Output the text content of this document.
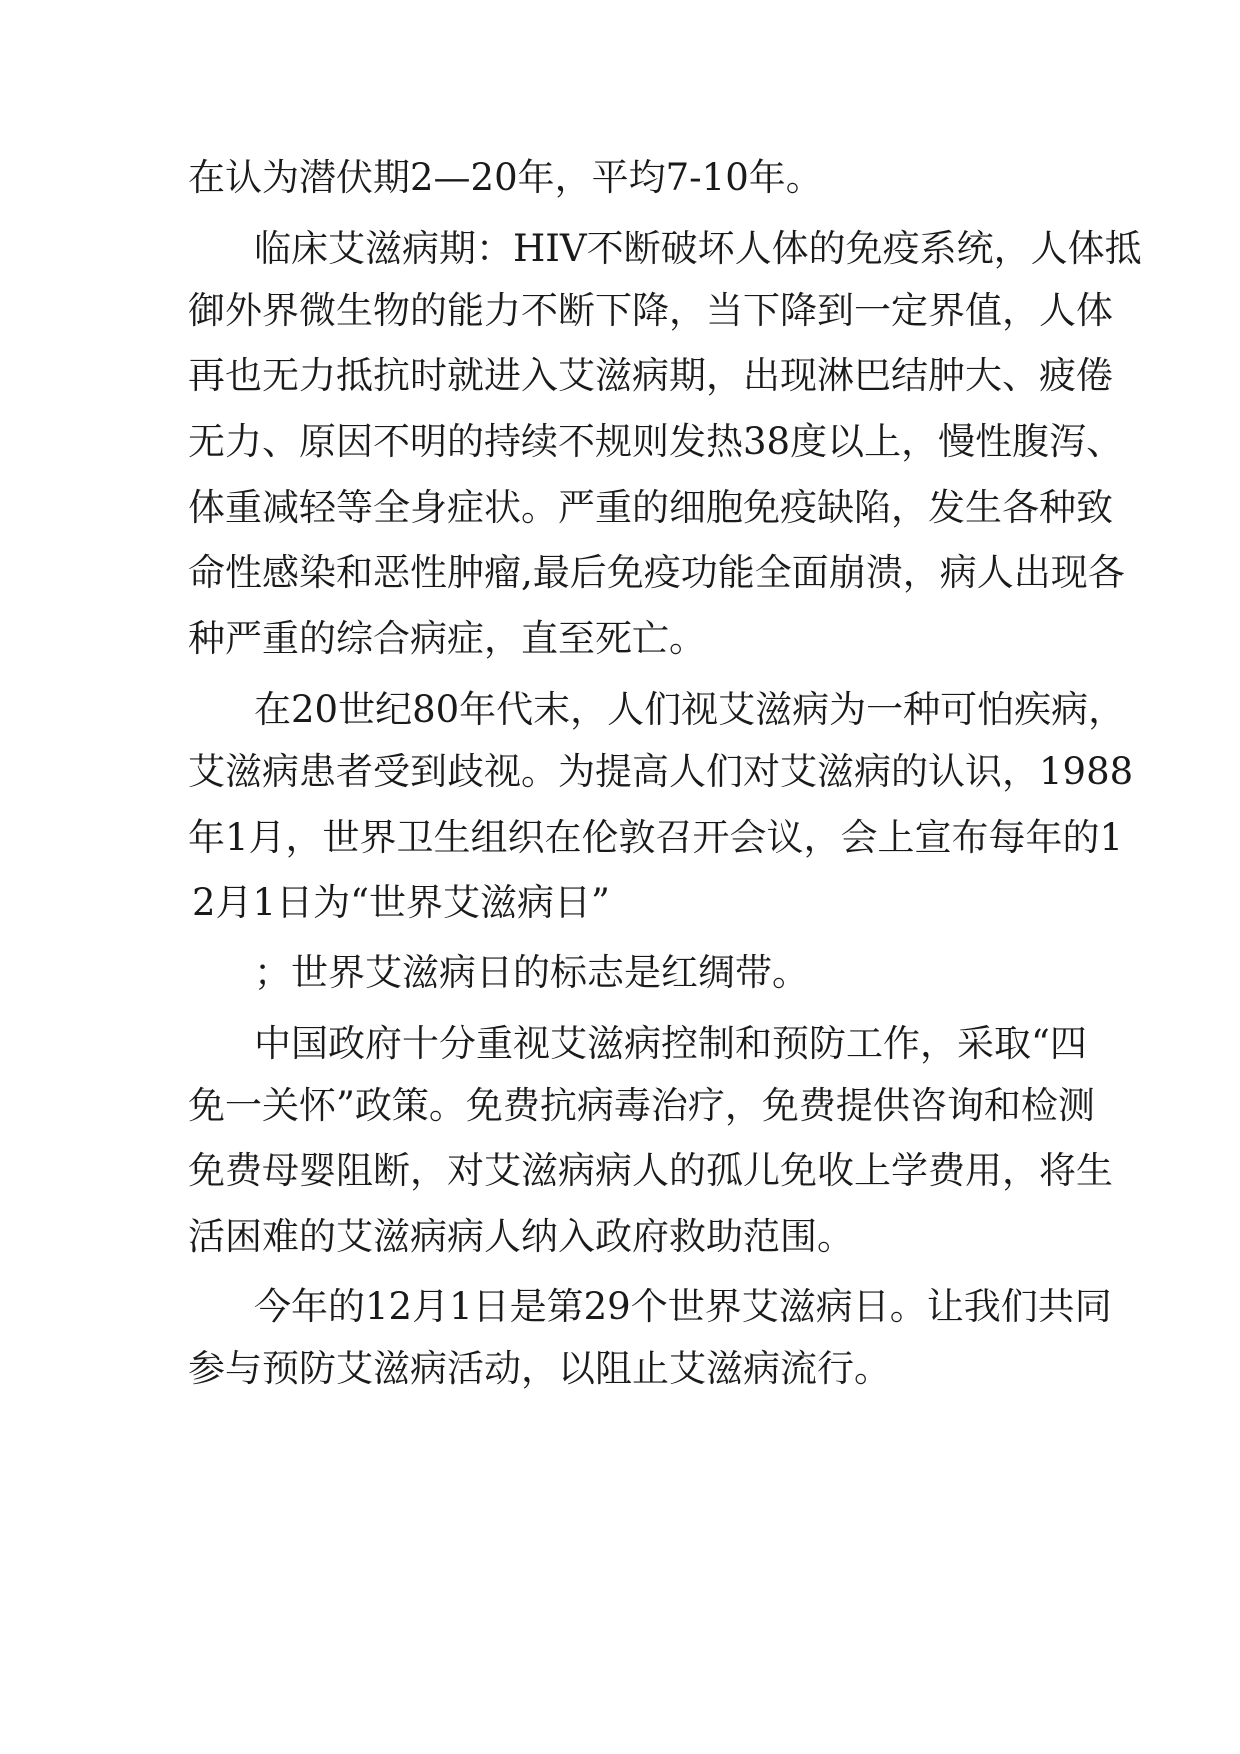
在认为潜伏期2—20年，平均7-10年。
临床艾滋病期：HIV不断破坏人体的免疫系统，人体抵
御外界微生物的能力不断下降，当下降到一定界值，人体
再也无力抵抗时就进入艾滋病期，出现淋巴结肿大、疲倦
无力、原因不明的持续不规则发热38度以上，慢性腹泻、
体重减轻等全身症状。严重的细胞免疫缺陷，发生各种致
命性感染和恶性肿瘤,最后免疫功能全面崩溃，病人出现各
种严重的综合病症，直至死亡。
在20世纪80年代末，人们视艾滋病为一种可怕疾病，
艾滋病患者受到歧视。为提高人们对艾滋病的认识，1988
年1月，世界卫生组织在伦敦召开会议，会上宣布每年的1
2月1日为“世界艾滋病日”
；世界艾滋病日的标志是红绸带。
中国政府十分重视艾滋病控制和预防工作，采取“四
免一关怀”政策。免费抗病毒治疗，免费提供咨询和检测
免费母婴阻断，对艾滋病病人的孤儿免收上学费用，将生
活困难的艾滋病病人纳入政府救助范围。
今年的12月1日是第29个世界艾滋病日。让我们共同
参与预防艾滋病活动，以阻止艾滋病流行。
